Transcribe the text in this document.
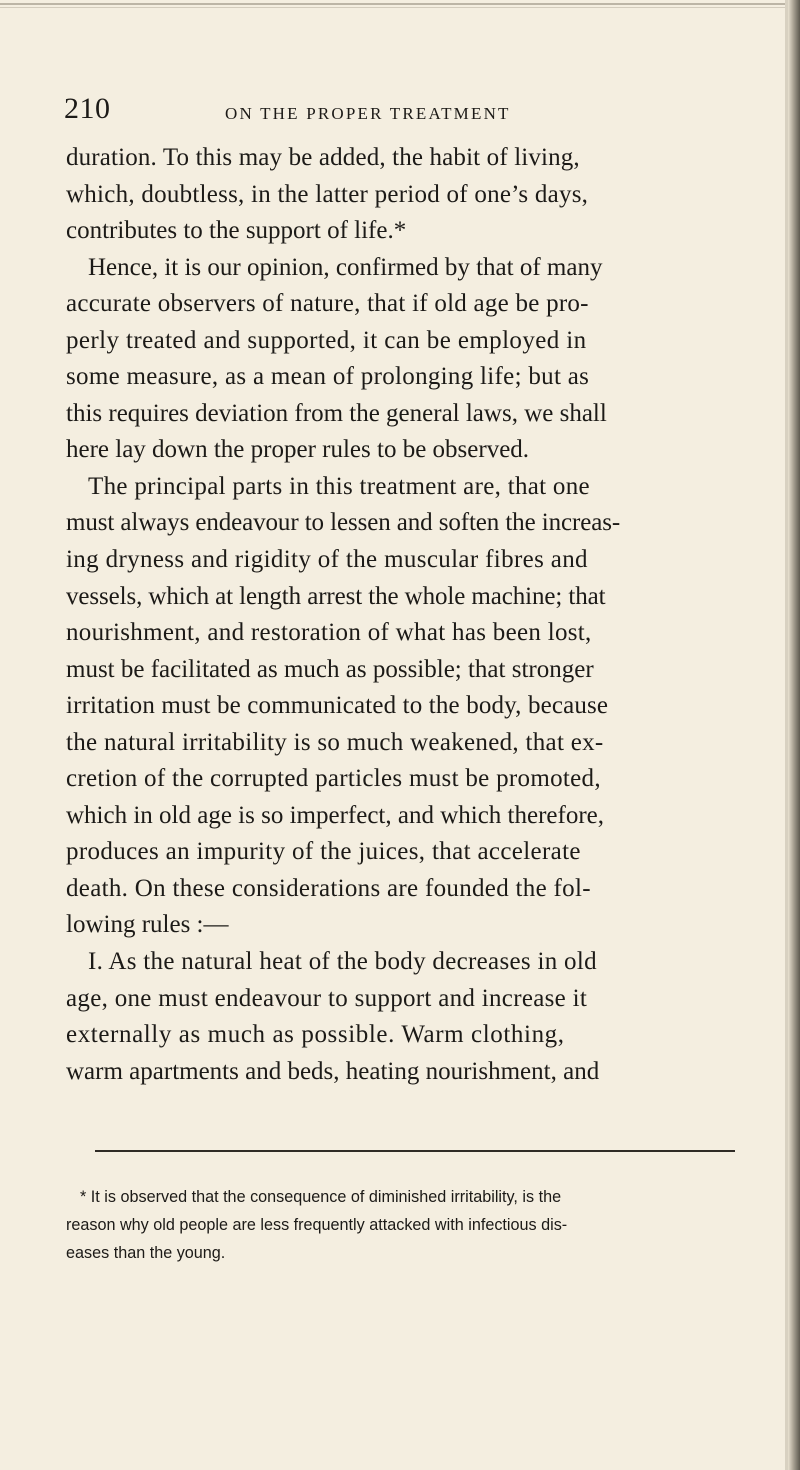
210	ON THE PROPER TREATMENT
duration. To this may be added, the habit of living,
which, doubtless, in the latter period of one’s days,
contributes to the support of life.*
Hence, it is our opinion, confirmed by that of many
accurate observers of nature, that if old age be pro-
perly treated and supported, it can be employed in
some measure, as a mean of prolonging life; but as
this requires deviation from the general laws, we shall
here lay down the proper rules to be observed.
The principal parts in this treatment are, that one
must always endeavour to lessen and soften the increas-
ing dryness and rigidity of the muscular fibres and
vessels, which at length arrest the whole machine; that
nourishment, and restoration of what has been lost,
must be facilitated as much as possible; that stronger
irritation must be communicated to the body, because
the natural irritability is so much weakened, that ex-
cretion of the corrupted particles must be promoted,
which in old age is so imperfect, and which therefore,
produces an impurity of the juices, that accelerate
death. On these considerations are founded the fol-
lowing rules :—
I. As the natural heat of the body decreases in old
age, one must endeavour to support and increase it
externally as much as possible. Warm clothing,
warm apartments and beds, heating nourishment, and
* It is observed that the consequence of diminished irritability, is the
reason why old people are less frequently attacked with infectious dis-
eases than the young.
